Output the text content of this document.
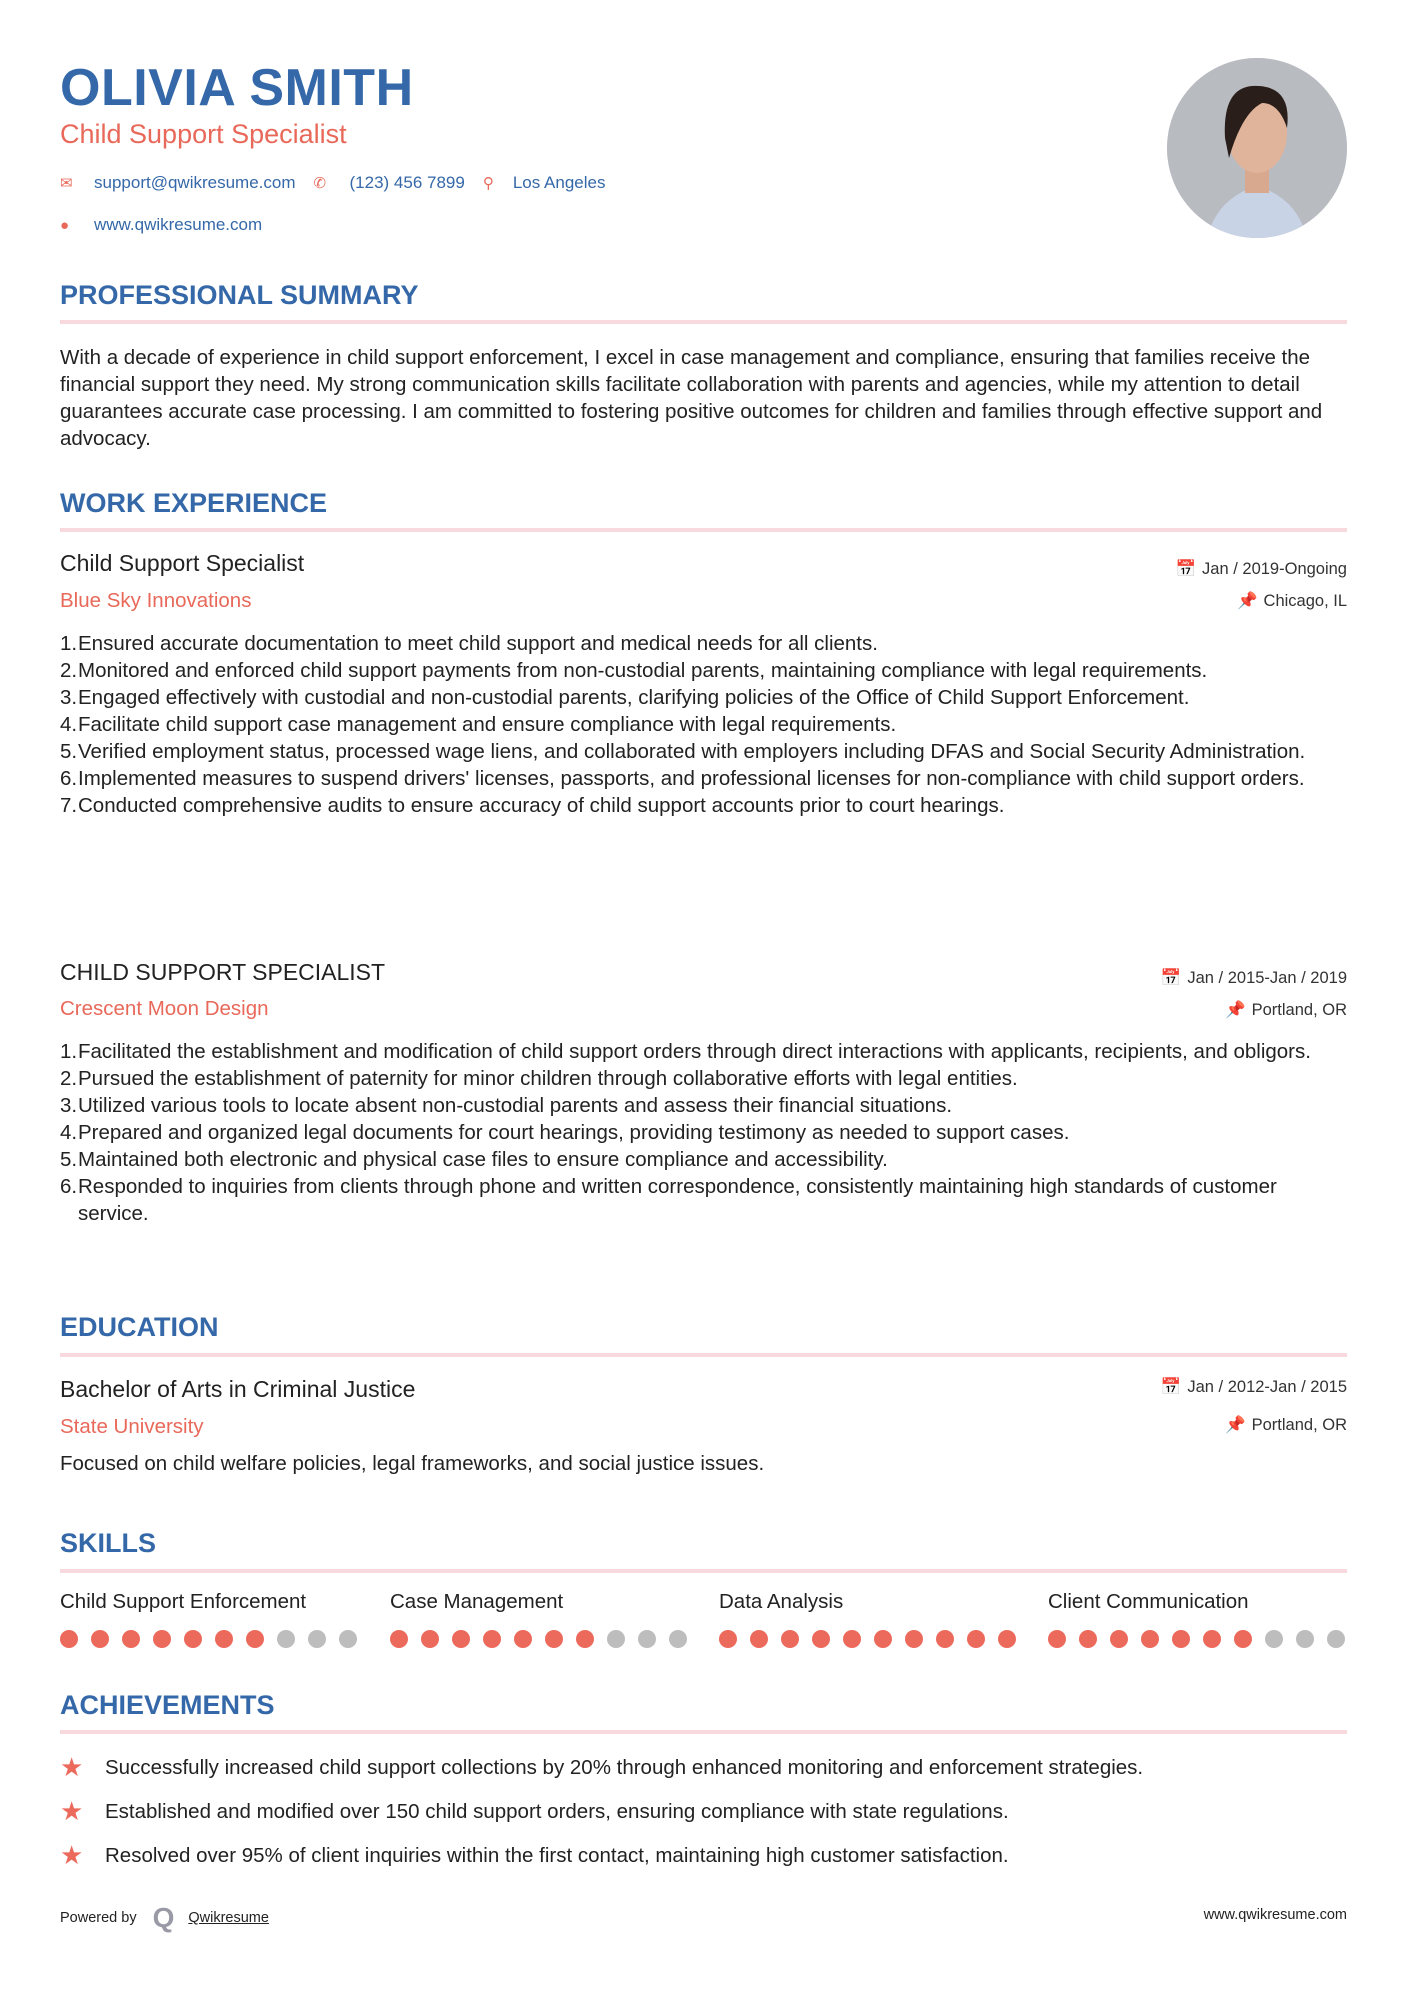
OLIVIA SMITH
Child Support Specialist
✉	support@qwikresume.com ✆	(123) 456 7899 ⚲	Los Angeles
●	www.qwikresume.com
PROFESSIONAL SUMMARY
With a decade of experience in child support enforcement, I excel in case management and compliance, ensuring that families receive the financial support they need. My strong communication skills facilitate collaboration with parents and agencies, while my attention to detail guarantees accurate case processing. I am committed to fostering positive outcomes for children and families through effective support and advocacy.
WORK EXPERIENCE
Child Support Specialist	📅 Jan / 2019-Ongoing
Blue Sky Innovations	📌 Chicago, IL
Ensured accurate documentation to meet child support and medical needs for all clients.
Monitored and enforced child support payments from non-custodial parents, maintaining compliance with legal requirements.
Engaged effectively with custodial and non-custodial parents, clarifying policies of the Office of Child Support Enforcement.
Facilitate child support case management and ensure compliance with legal requirements.
Verified employment status, processed wage liens, and collaborated with employers including DFAS and Social Security Administration.
Implemented measures to suspend drivers' licenses, passports, and professional licenses for non-compliance with child support orders.
Conducted comprehensive audits to ensure accuracy of child support accounts prior to court hearings.
CHILD SUPPORT SPECIALIST	📅 Jan / 2015-Jan / 2019
Crescent Moon Design	📌 Portland, OR
Facilitated the establishment and modification of child support orders through direct interactions with applicants, recipients, and obligors.
Pursued the establishment of paternity for minor children through collaborative efforts with legal entities.
Utilized various tools to locate absent non-custodial parents and assess their financial situations.
Prepared and organized legal documents for court hearings, providing testimony as needed to support cases.
Maintained both electronic and physical case files to ensure compliance and accessibility.
Responded to inquiries from clients through phone and written correspondence, consistently maintaining high standards of customer service.
EDUCATION
Bachelor of Arts in Criminal Justice	📅 Jan / 2012-Jan / 2015
State University	📌 Portland, OR
Focused on child welfare policies, legal frameworks, and social justice issues.
SKILLS
Child Support Enforcement	Case Management	Data Analysis	Client Communication
ACHIEVEMENTS
★	Successfully increased child support collections by 20% through enhanced monitoring and enforcement strategies.
★	Established and modified over 150 child support orders, ensuring compliance with state regulations.
★	Resolved over 95% of client inquiries within the first contact, maintaining high customer satisfaction.
Powered by Q Qwikresume	www.qwikresume.com
